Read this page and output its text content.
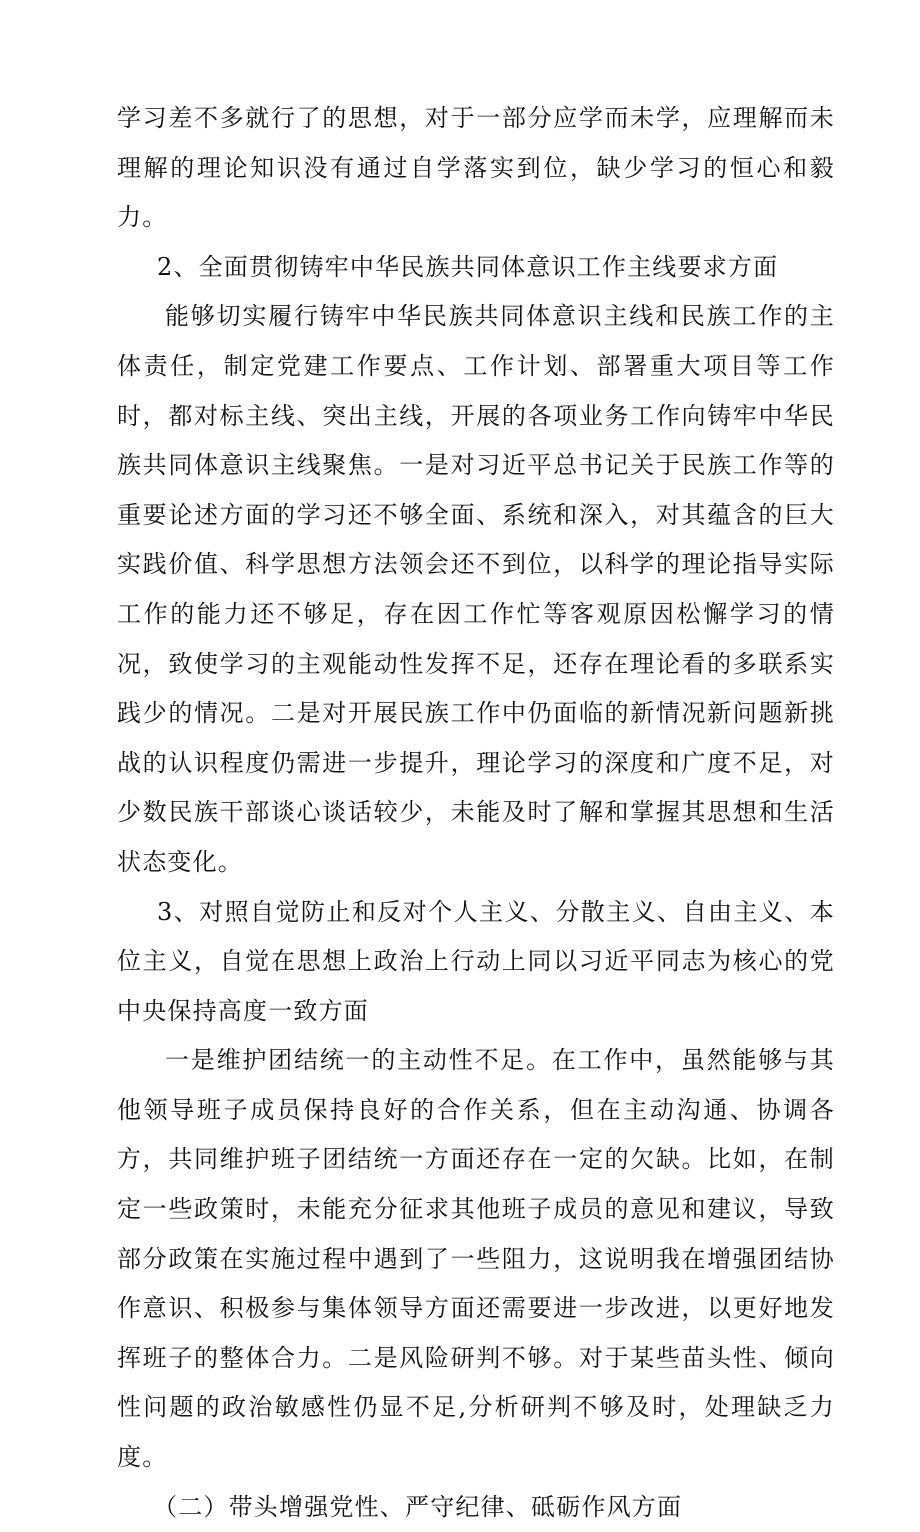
学习差不多就行了的思想，对于一部分应学而未学，应理解而未理解的理论知识没有通过自学落实到位，缺少学习的恒心和毅力。

2、全面贯彻铸牢中华民族共同体意识工作主线要求方面

能够切实履行铸牢中华民族共同体意识主线和民族工作的主体责任，制定党建工作要点、工作计划、部署重大项目等工作时，都对标主线、突出主线，开展的各项业务工作向铸牢中华民族共同体意识主线聚焦。一是对习近平总书记关于民族工作等的重要论述方面的学习还不够全面、系统和深入，对其蕴含的巨大实践价值、科学思想方法领会还不到位，以科学的理论指导实际工作的能力还不够足，存在因工作忙等客观原因松懈学习的情况，致使学习的主观能动性发挥不足，还存在理论看的多联系实践少的情况。二是对开展民族工作中仍面临的新情况新问题新挑战的认识程度仍需进一步提升，理论学习的深度和广度不足，对少数民族干部谈心谈话较少，未能及时了解和掌握其思想和生活状态变化。

3、对照自觉防止和反对个人主义、分散主义、自由主义、本位主义，自觉在思想上政治上行动上同以习近平同志为核心的党中央保持高度一致方面

一是维护团结统一的主动性不足。在工作中，虽然能够与其他领导班子成员保持良好的合作关系，但在主动沟通、协调各方，共同维护班子团结统一方面还存在一定的欠缺。比如，在制定一些政策时，未能充分征求其他班子成员的意见和建议，导致部分政策在实施过程中遇到了一些阻力，这说明我在增强团结协作意识、积极参与集体领导方面还需要进一步改进，以更好地发挥班子的整体合力。二是风险研判不够。对于某些苗头性、倾向性问题的政治敏感性仍显不足,分析研判不够及时，处理缺乏力度。

（二）带头增强党性、严守纪律、砥砺作风方面
